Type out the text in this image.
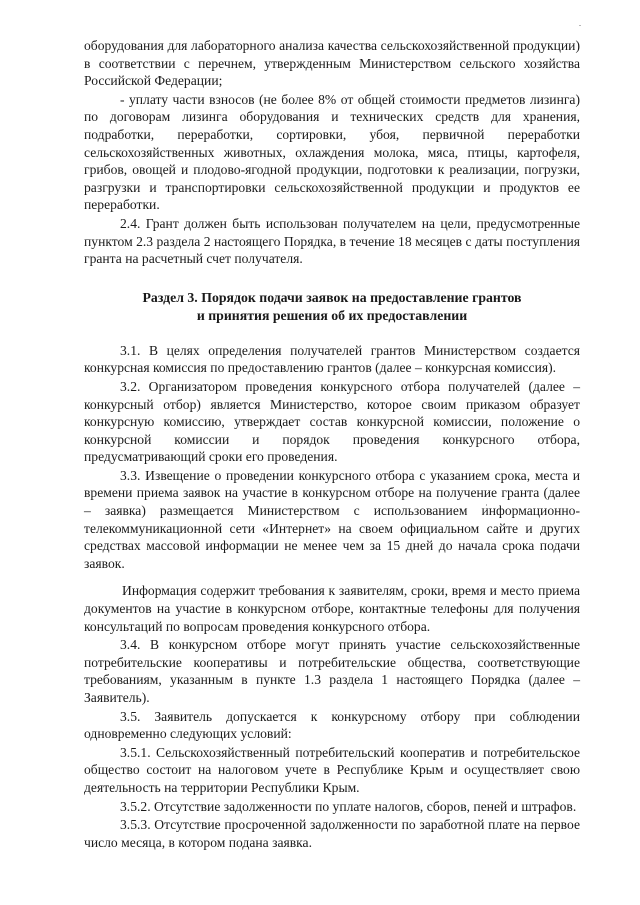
оборудования для лабораторного анализа качества сельскохозяйственной продукции) в соответствии с перечнем, утвержденным Министерством сельского хозяйства Российской Федерации;

- уплату части взносов (не более 8% от общей стоимости предметов лизинга) по договорам лизинга оборудования и технических средств для хранения, подработки, переработки, сортировки, убоя, первичной переработки сельскохозяйственных животных, охлаждения молока, мяса, птицы, картофеля, грибов, овощей и плодово-ягодной продукции, подготовки к реализации, погрузки, разгрузки и транспортировки сельскохозяйственной продукции и продуктов ее переработки.

2.4. Грант должен быть использован получателем на цели, предусмотренные пунктом 2.3 раздела 2 настоящего Порядка, в течение 18 месяцев с даты поступления гранта на расчетный счет получателя.

Раздел 3. Порядок подачи заявок на предоставление грантов
и принятия решения об их предоставлении

3.1. В целях определения получателей грантов Министерством создается конкурсная комиссия по предоставлению грантов (далее – конкурсная комиссия).

3.2. Организатором проведения конкурсного отбора получателей (далее – конкурсный отбор) является Министерство, которое своим приказом образует конкурсную комиссию, утверждает состав конкурсной комиссии, положение о конкурсной комиссии и порядок проведения конкурсного отбора, предусматривающий сроки его проведения.

3.3. Извещение о проведении конкурсного отбора с указанием срока, места и времени приема заявок на участие в конкурсном отборе на получение гранта (далее – заявка) размещается Министерством с использованием информационно-телекоммуникационной сети «Интернет» на своем официальном сайте и других средствах массовой информации не менее чем за 15 дней до начала срока подачи заявок.

Информация содержит требования к заявителям, сроки, время и место приема документов на участие в конкурсном отборе, контактные телефоны для получения консультаций по вопросам проведения конкурсного отбора.

3.4. В конкурсном отборе могут принять участие сельскохозяйственные потребительские кооперативы и потребительские общества, соответствующие требованиям, указанным в пункте 1.3 раздела 1 настоящего Порядка (далее – Заявитель).

3.5. Заявитель допускается к конкурсному отбору при соблюдении одновременно следующих условий:

3.5.1. Сельскохозяйственный потребительский кооператив и потребительское общество состоит на налоговом учете в Республике Крым и осуществляет свою деятельность на территории Республики Крым.

3.5.2. Отсутствие задолженности по уплате налогов, сборов, пеней и штрафов.

3.5.3. Отсутствие просроченной задолженности по заработной плате на первое число месяца, в котором подана заявка.
